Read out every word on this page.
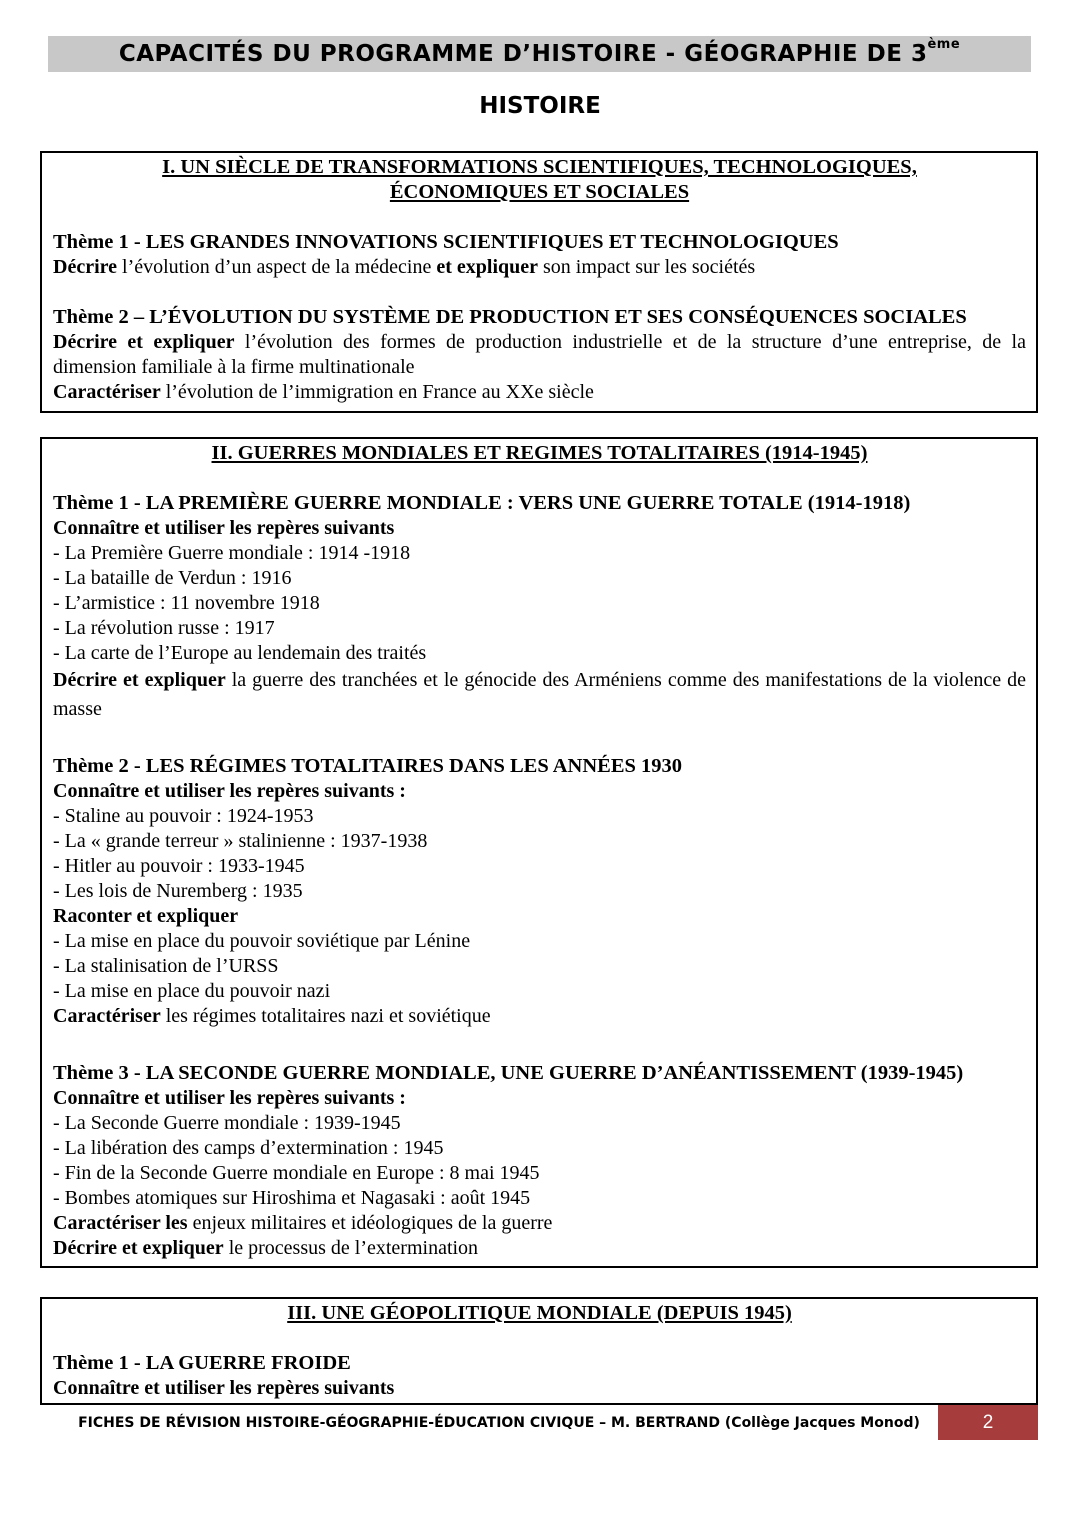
CAPACITÉS DU PROGRAMME D’HISTOIRE - GÉOGRAPHIE DE 3ème
HISTOIRE

I. UN SIÈCLE DE TRANSFORMATIONS SCIENTIFIQUES, TECHNOLOGIQUES,

ÉCONOMIQUES ET SOCIALES

Thème 1 - LES GRANDES INNOVATIONS SCIENTIFIQUES ET TECHNOLOGIQUES

Décrire l’évolution d’un aspect de la médecine et expliquer son impact sur les sociétés

Thème 2 – L’ÉVOLUTION DU SYSTÈME DE PRODUCTION ET SES CONSÉQUENCES SOCIALES

Décrire et expliquer l’évolution des formes de production industrielle et de la structure d’une entreprise, de la dimension familiale à la firme multinationale

Caractériser l’évolution de l’immigration en France au XXe siècle

II. GUERRES MONDIALES ET REGIMES TOTALITAIRES (1914-1945)

Thème 1 - LA PREMIÈRE GUERRE MONDIALE : VERS UNE GUERRE TOTALE (1914-1918)

Connaître et utiliser les repères suivants

- La Première Guerre mondiale : 1914 -1918

- La bataille de Verdun : 1916

- L’armistice : 11 novembre 1918

- La révolution russe : 1917

- La carte de l’Europe au lendemain des traités

Décrire et expliquer la guerre des tranchées et le génocide des Arméniens comme des manifestations de la violence de masse

Thème 2 - LES RÉGIMES TOTALITAIRES DANS LES ANNÉES 1930

Connaître et utiliser les repères suivants :

- Staline au pouvoir : 1924-1953

- La « grande terreur » stalinienne : 1937-1938

- Hitler au pouvoir : 1933-1945

- Les lois de Nuremberg : 1935

Raconter et expliquer

- La mise en place du pouvoir soviétique par Lénine

- La stalinisation de l’URSS

- La mise en place du pouvoir nazi

Caractériser les régimes totalitaires nazi et soviétique

Thème 3 - LA SECONDE GUERRE MONDIALE, UNE GUERRE D’ANÉANTISSEMENT (1939-1945)

Connaître et utiliser les repères suivants :

- La Seconde Guerre mondiale : 1939-1945

- La libération des camps d’extermination : 1945

- Fin de la Seconde Guerre mondiale en Europe : 8 mai 1945

- Bombes atomiques sur Hiroshima et Nagasaki : août 1945

Caractériser les enjeux militaires et idéologiques de la guerre

Décrire et expliquer le processus de l’extermination

III. UNE GÉOPOLITIQUE MONDIALE (DEPUIS 1945)

Thème 1 - LA GUERRE FROIDE

Connaître et utiliser les repères suivants

FICHES DE RÉVISION HISTOIRE-GÉOGRAPHIE-ÉDUCATION CIVIQUE – M. BERTRAND (Collège Jacques Monod)	2
